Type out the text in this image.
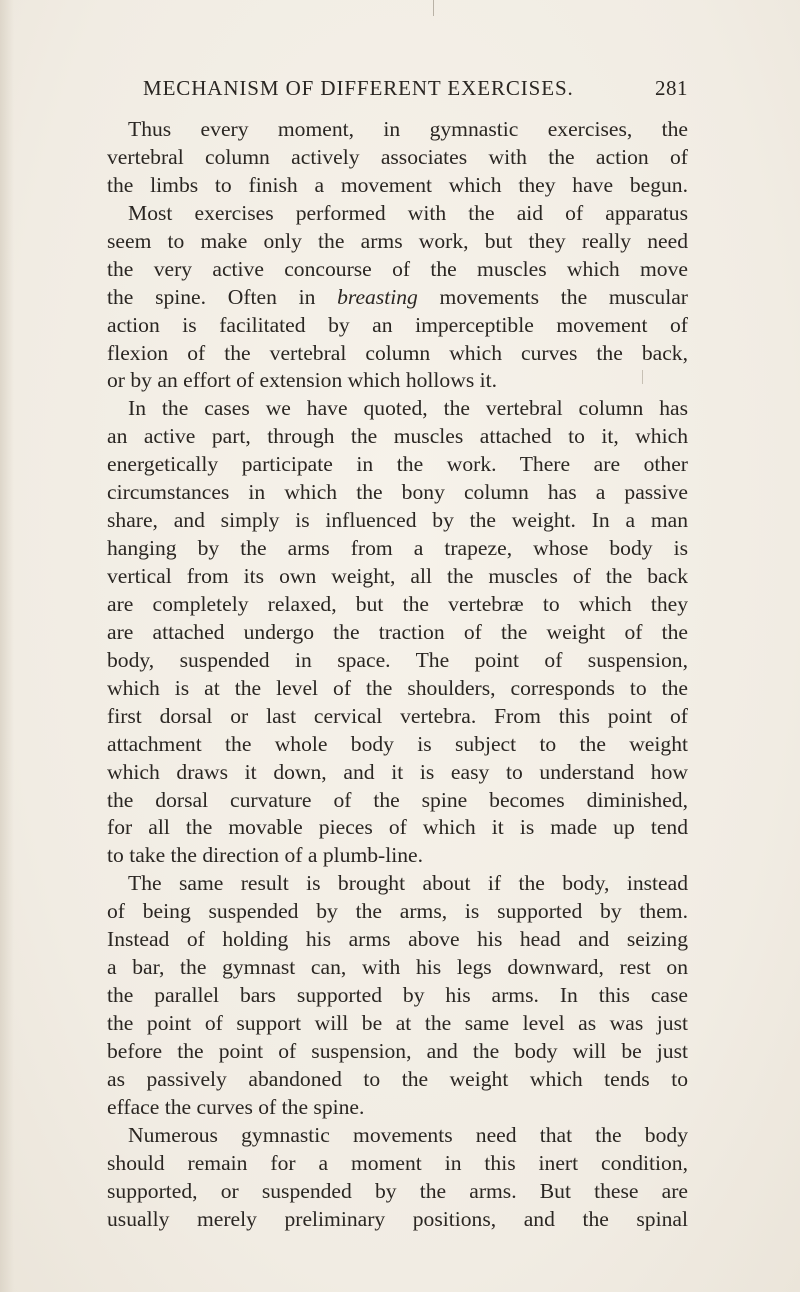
MECHANISM OF DIFFERENT EXERCISES.	281
Thus every moment, in gymnastic exercises, the
vertebral column actively associates with the action of
the limbs to finish a movement which they have begun.
Most exercises performed with the aid of apparatus
seem to make only the arms work, but they really need
the very active concourse of the muscles which move
the spine. Often in breasting movements the muscular
action is facilitated by an imperceptible movement of
flexion of the vertebral column which curves the back,
or by an effort of extension which hollows it.
In the cases we have quoted, the vertebral column has
an active part, through the muscles attached to it, which
energetically participate in the work. There are other
circumstances in which the bony column has a passive
share, and simply is influenced by the weight. In a man
hanging by the arms from a trapeze, whose body is
vertical from its own weight, all the muscles of the back
are completely relaxed, but the vertebræ to which they
are attached undergo the traction of the weight of the
body, suspended in space. The point of suspension,
which is at the level of the shoulders, corresponds to the
first dorsal or last cervical vertebra. From this point of
attachment the whole body is subject to the weight
which draws it down, and it is easy to understand how
the dorsal curvature of the spine becomes diminished,
for all the movable pieces of which it is made up tend
to take the direction of a plumb-line.
The same result is brought about if the body, instead
of being suspended by the arms, is supported by them.
Instead of holding his arms above his head and seizing
a bar, the gymnast can, with his legs downward, rest on
the parallel bars supported by his arms. In this case
the point of support will be at the same level as was just
before the point of suspension, and the body will be just
as passively abandoned to the weight which tends to
efface the curves of the spine.
Numerous gymnastic movements need that the body
should remain for a moment in this inert condition,
supported, or suspended by the arms. But these are
usually merely preliminary positions, and the spinal
